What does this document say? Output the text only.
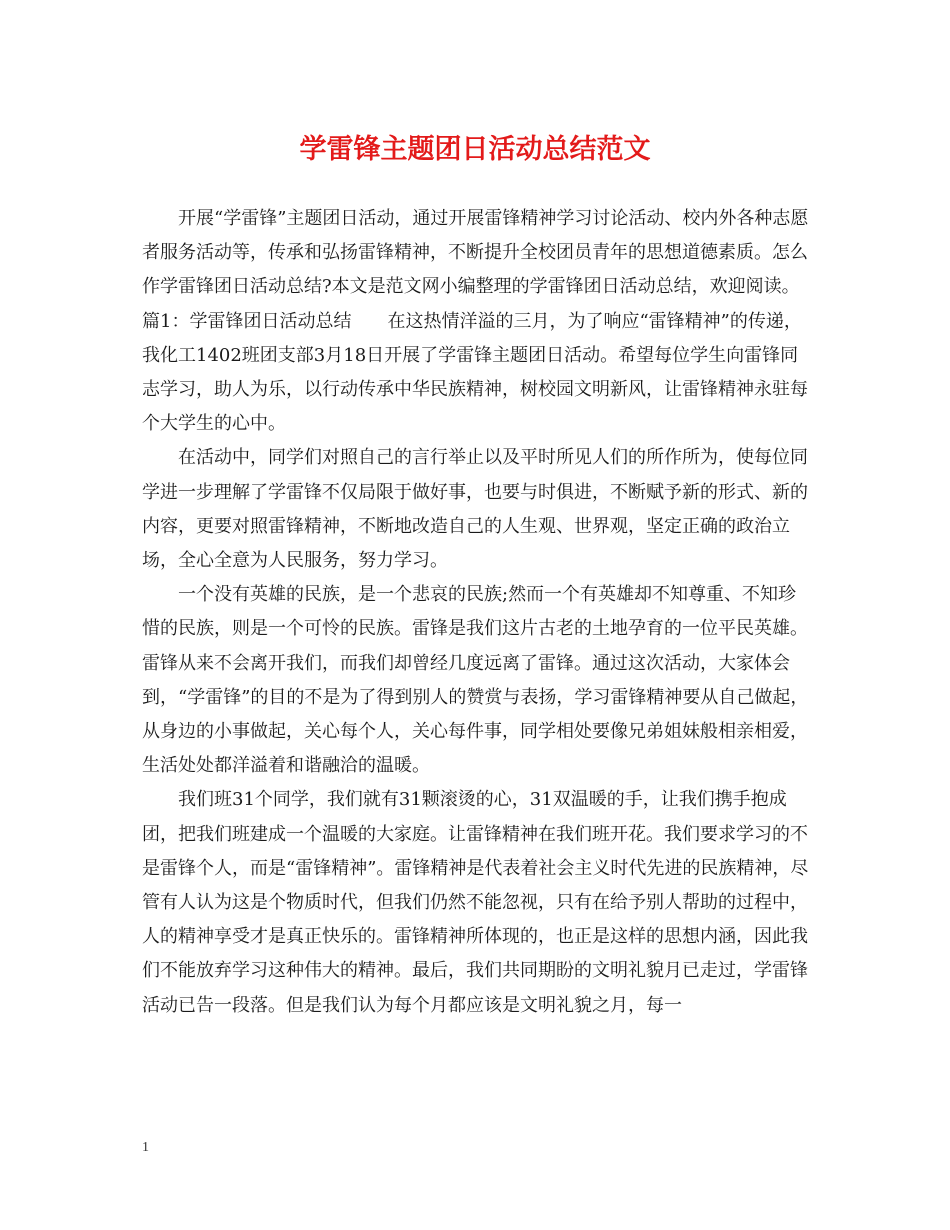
学雷锋主题团日活动总结范文

开展“学雷锋”主题团日活动，通过开展雷锋精神学习讨论活动、校内外各种志愿者服务活动等，传承和弘扬雷锋精神，不断提升全校团员青年的思想道德素质。怎么作学雷锋团日活动总结?本文是范文网小编整理的学雷锋团日活动总结，欢迎阅读。

篇1：学雷锋团日活动总结　　在这热情洋溢的三月，为了响应“雷锋精神”的传递，我化工1402班团支部3月18日开展了学雷锋主题团日活动。希望每位学生向雷锋同志学习，助人为乐，以行动传承中华民族精神，树校园文明新风，让雷锋精神永驻每个大学生的心中。

在活动中，同学们对照自己的言行举止以及平时所见人们的所作所为，使每位同学进一步理解了学雷锋不仅局限于做好事，也要与时俱进，不断赋予新的形式、新的内容，更要对照雷锋精神，不断地改造自己的人生观、世界观，坚定正确的政治立场，全心全意为人民服务，努力学习。

一个没有英雄的民族，是一个悲哀的民族;然而一个有英雄却不知尊重、不知珍惜的民族，则是一个可怜的民族。雷锋是我们这片古老的土地孕育的一位平民英雄。雷锋从来不会离开我们，而我们却曾经几度远离了雷锋。通过这次活动，大家体会到，“学雷锋”的目的不是为了得到别人的赞赏与表扬，学习雷锋精神要从自己做起，从身边的小事做起，关心每个人，关心每件事，同学相处要像兄弟姐妹般相亲相爱，生活处处都洋溢着和谐融洽的温暖。

我们班31个同学，我们就有31颗滚烫的心，31双温暖的手，让我们携手抱成团，把我们班建成一个温暖的大家庭。让雷锋精神在我们班开花。我们要求学习的不是雷锋个人，而是“雷锋精神”。雷锋精神是代表着社会主义时代先进的民族精神，尽管有人认为这是个物质时代，但我们仍然不能忽视，只有在给予别人帮助的过程中，人的精神享受才是真正快乐的。雷锋精神所体现的，也正是这样的思想内涵，因此我们不能放弃学习这种伟大的精神。最后，我们共同期盼的文明礼貌月已走过，学雷锋活动已告一段落。但是我们认为每个月都应该是文明礼貌之月，每一

1
